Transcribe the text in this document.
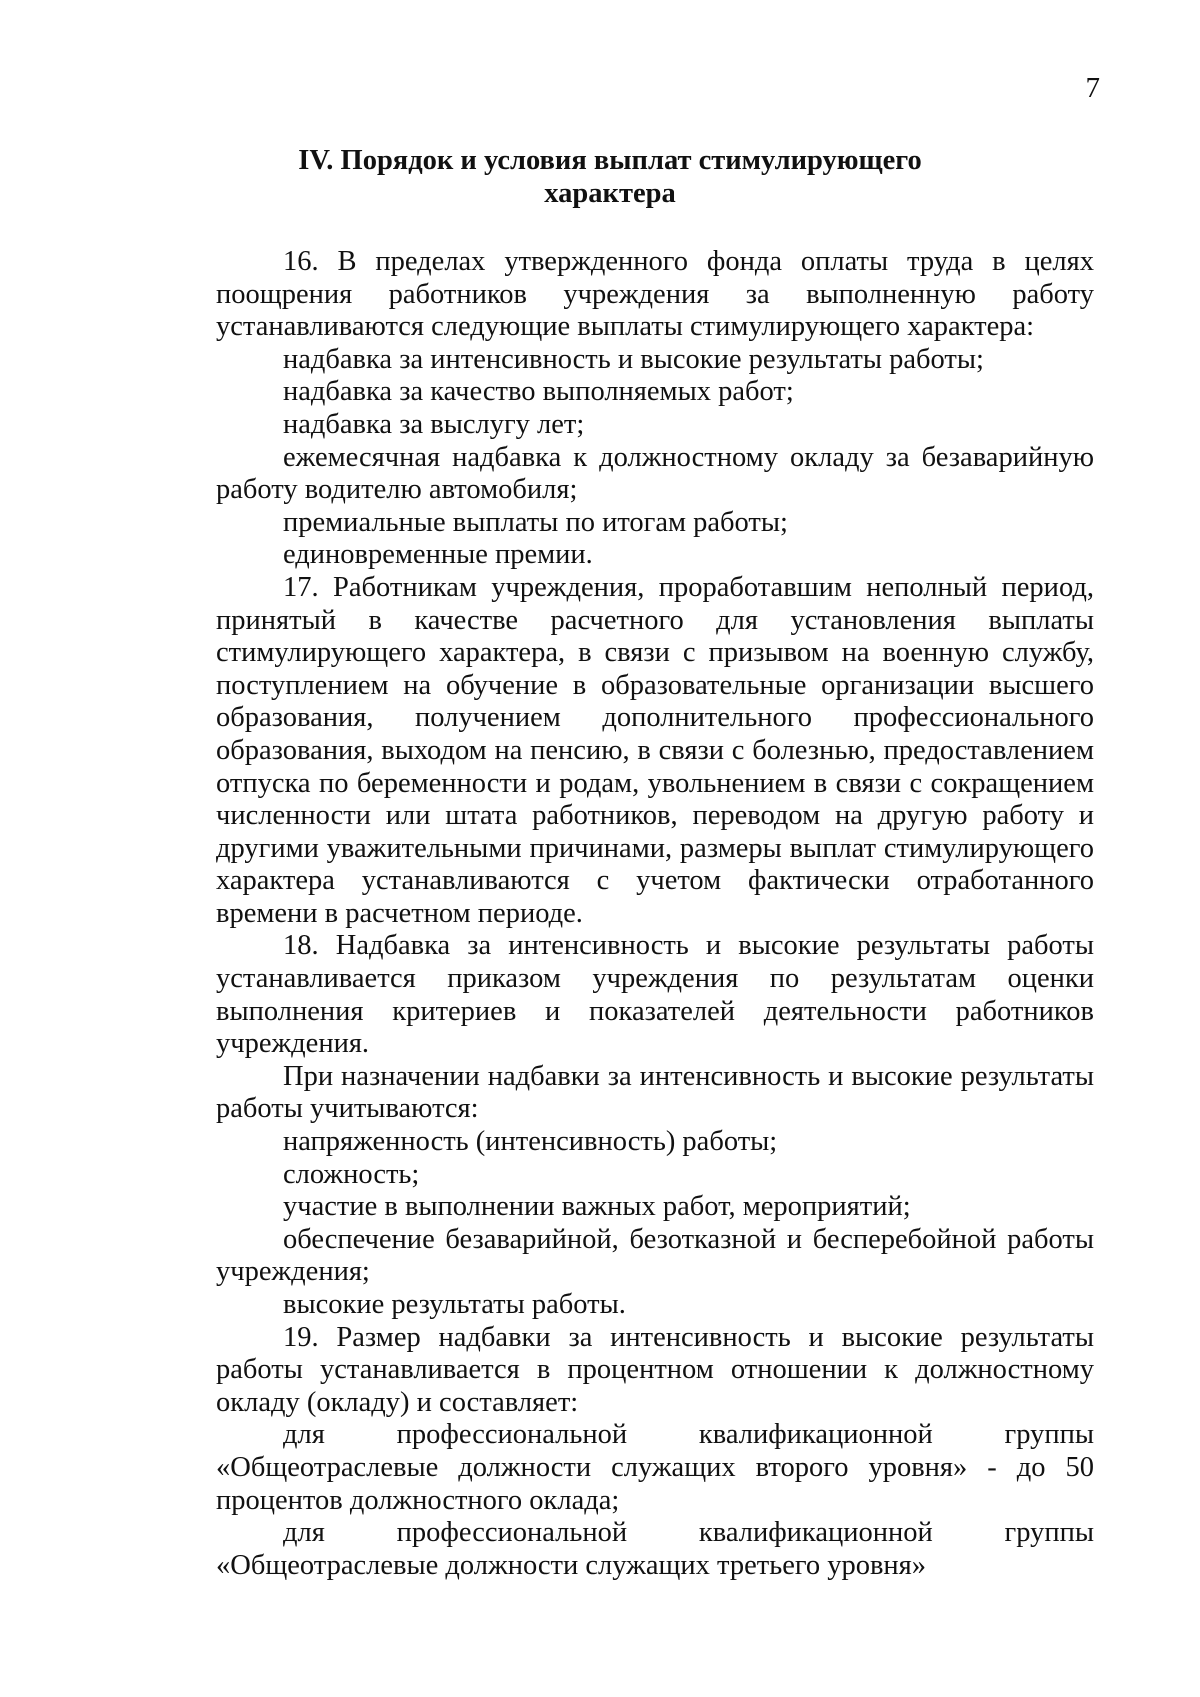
7
IV. Порядок и условия выплат стимулирующего
характера

16. В пределах утвержденного фонда оплаты труда в целях поощрения работников учреждения за выполненную работу устанавливаются следующие выплаты стимулирующего характера:

надбавка за интенсивность и высокие результаты работы;

надбавка за качество выполняемых работ;

надбавка за выслугу лет;

ежемесячная надбавка к должностному окладу за безаварийную работу водителю автомобиля;

премиальные выплаты по итогам работы;

единовременные премии.

17. Работникам учреждения, проработавшим неполный период, принятый в качестве расчетного для установления выплаты стимулирующего характера, в связи с призывом на военную службу, поступлением на обучение в образовательные организации высшего образования, получением дополнительного профессионального образования, выходом на пенсию, в связи с болезнью, предоставлением отпуска по беременности и родам, увольнением в связи с сокращением численности или штата работников, переводом на другую работу и другими уважительными причинами, размеры выплат стимулирующего характера устанавливаются с учетом фактически отработанного времени в расчетном периоде.

18. Надбавка за интенсивность и высокие результаты работы устанавливается приказом учреждения по результатам оценки выполнения критериев и показателей деятельности работников учреждения.

При назначении надбавки за интенсивность и высокие результаты работы учитываются:

напряженность (интенсивность) работы;

сложность;

участие в выполнении важных работ, мероприятий;

обеспечение безаварийной, безотказной и бесперебойной работы учреждения;

высокие результаты работы.

19. Размер надбавки за интенсивность и высокие результаты работы устанавливается в процентном отношении к должностному окладу (окладу) и составляет:

для профессиональной квалификационной группы «Общеотраслевые должности служащих второго уровня» - до 50 процентов должностного оклада;

для профессиональной квалификационной группы «Общеотраслевые должности служащих третьего уровня»
